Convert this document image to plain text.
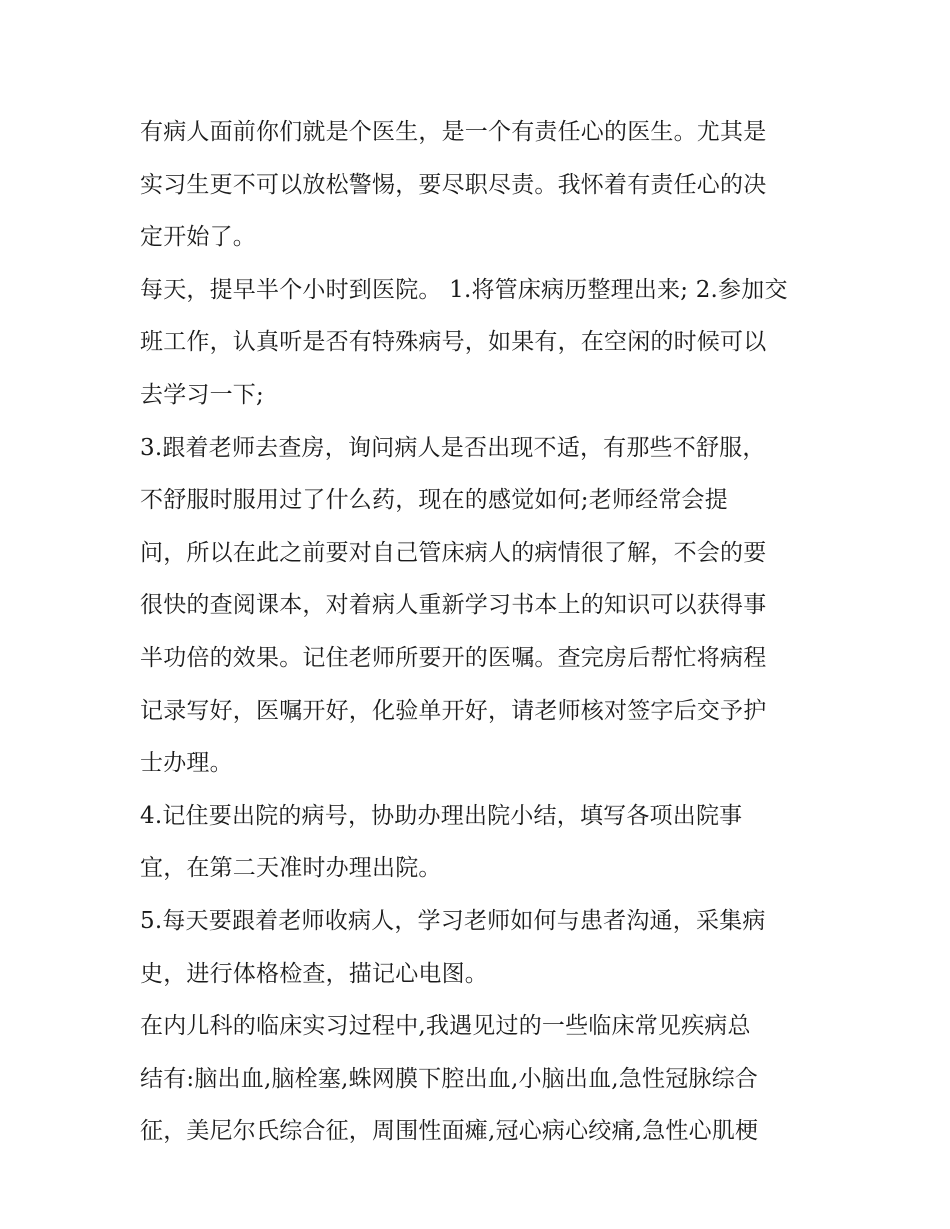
有病人面前你们就是个医生，是一个有责任心的医生。尤其是
实习生更不可以放松警惕，要尽职尽责。我怀着有责任心的决
定开始了。
每天，提早半个小时到医院。 1.将管床病历整理出来; 2.参加交
班工作，认真听是否有特殊病号，如果有，在空闲的时候可以
去学习一下;
3.跟着老师去查房，询问病人是否出现不适，有那些不舒服，
不舒服时服用过了什么药，现在的感觉如何;老师经常会提
问，所以在此之前要对自己管床病人的病情很了解，不会的要
很快的查阅课本，对着病人重新学习书本上的知识可以获得事
半功倍的效果。记住老师所要开的医嘱。查完房后帮忙将病程
记录写好，医嘱开好，化验单开好，请老师核对签字后交予护
士办理。
4.记住要出院的病号，协助办理出院小结，填写各项出院事
宜，在第二天准时办理出院。
5.每天要跟着老师收病人，学习老师如何与患者沟通，采集病
史，进行体格检查，描记心电图。
在内儿科的临床实习过程中,我遇见过的一些临床常见疾病总
结有:脑出血,脑栓塞,蛛网膜下腔出血,小脑出血,急性冠脉综合
征，美尼尔氏综合征，周围性面瘫,冠心病心绞痛,急性心肌梗
